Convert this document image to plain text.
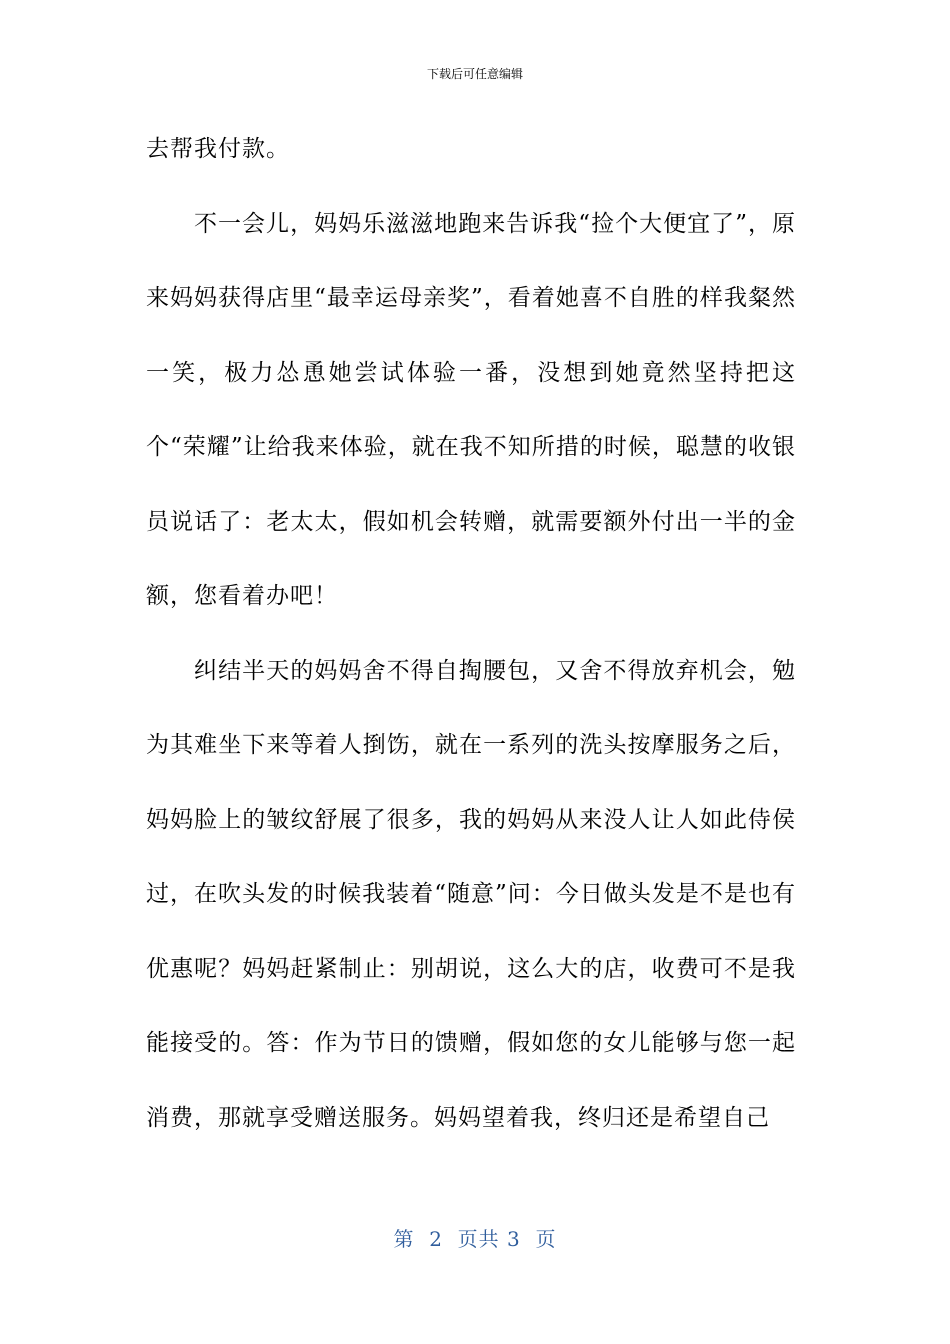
下载后可任意编辑

去帮我付款。

不一会儿，妈妈乐滋滋地跑来告诉我“捡个大便宜了”，原来妈妈获得店里“最幸运母亲奖”，看着她喜不自胜的样我粲然一笑，极力怂恿她尝试体验一番，没想到她竟然坚持把这个“荣耀”让给我来体验，就在我不知所措的时候，聪慧的收银员说话了：老太太，假如机会转赠，就需要额外付出一半的金额，您看着办吧！

纠结半天的妈妈舍不得自掏腰包，又舍不得放弃机会，勉为其难坐下来等着人捯饬，就在一系列的洗头按摩服务之后，妈妈脸上的皱纹舒展了很多，我的妈妈从来没人让人如此侍侯过，在吹头发的时候我装着“随意”问：今日做头发是不是也有优惠呢？妈妈赶紧制止：别胡说，这么大的店，收费可不是我能接受的。答：作为节日的馈赠，假如您的女儿能够与您一起消费，那就享受赠送服务。妈妈望着我，终归还是希望自己

第  2  页共 3  页
